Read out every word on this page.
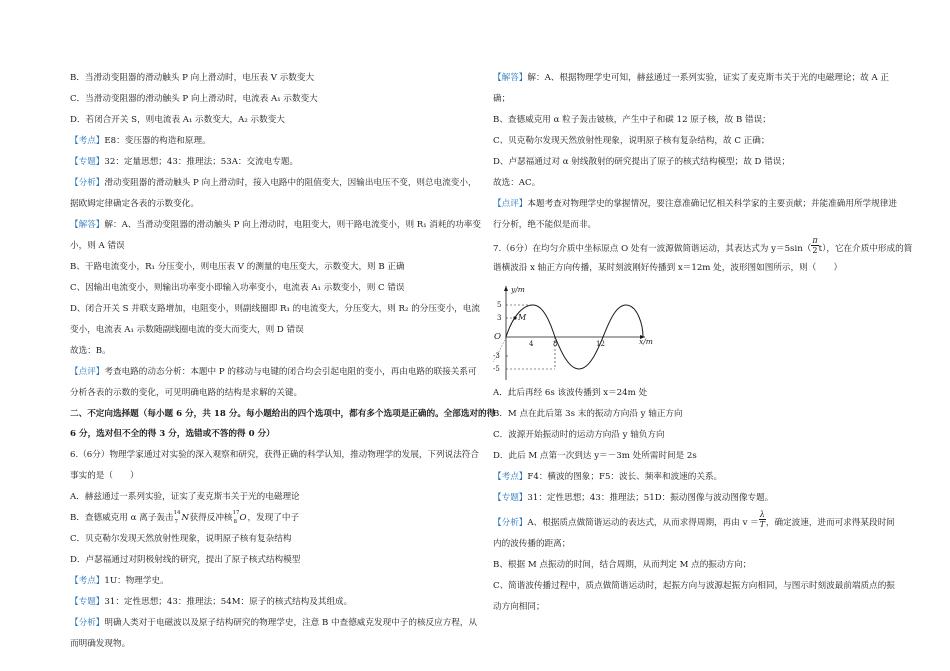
B．当滑动变阻器的滑动触头 P 向上滑动时，电压表 V 示数变大
C．当滑动变阻器的滑动触头 P 向上滑动时，电流表 A₁ 示数变大
D．若闭合开关 S，则电流表 A₁ 示数变大，A₂ 示数变大
【考点】E8：变压器的构造和原理。
【专题】32：定量思想；43：推理法；53A：交流电专题。
【分析】滑动变阻器的滑动触头 P 向上滑动时，接入电路中的阻值变大，因输出电压不变，则总电流变小，
据欧姆定律确定各表的示数变化。
【解答】解：A、当滑动变阻器的滑动触头 P 向上滑动时，电阻变大，则干路电流变小，则 R₁ 消耗的功率变
小，则 A 错误
B、干路电流变小，R₁ 分压变小，则电压表 V 的测量的电压变大，示数变大，则 B 正确
C、因输出电流变小，则输出功率变小即输入功率变小，电流表 A₁ 示数变小，则 C 错误
D、闭合开关 S 并联支路增加，电阻变小，则副线圈即 R₁ 的电流变大，分压变大，则 R₂ 的分压变小，电流
变小，电流表 A₁ 示数随副线圈电流的变大而变大，则 D 错误
故选：B。
【点评】考查电路的动态分析：本题中 P 的移动与电键的闭合均会引起电阻的变小，再由电路的联接关系可
分析各表的示数的变化，可见明确电路的结构是求解的关键。
二、不定向选择题（每小题 6 分，共 18 分。每小题给出的四个选项中，都有多个选项是正确的。全部选对的得
6 分，选对但不全的得 3 分，选错或不答的得 0 分）
6.（6分）物理学家通过对实验的深入观察和研究，获得正确的科学认知，推动物理学的发展，下列说法符合
事实的是（　　）
A．赫兹通过一系列实验，证实了麦克斯韦关于光的电磁理论
B．查德威克用 α 离子轰击 14
7 N 获得反冲核 17
8 O ，发现了中子
C．贝克勒尔发现天然放射性现象，说明原子核有复杂结构
D．卢瑟福通过对阴极射线的研究，提出了原子核式结构模型
【考点】1U：物理学史。
【专题】31：定性思想；43：推理法；54M：原子的核式结构及其组成。
【分析】明确人类对于电磁波以及原子结构研究的物理学史，注意 B 中查德威克发现中子的核反应方程，从
而明确发现物。
【解答】解：A、根据物理学史可知，赫兹通过一系列实验，证实了麦克斯韦关于光的电磁理论；故 A 正
确；
B、查德威克用 α 粒子轰击铍核，产生中子和碳 12 原子核，故 B 错误；
C、贝克勒尔发现天然放射性现象，说明原子核有复杂结构，故 C 正确；
D、卢瑟福通过对 α 射线散射的研究提出了原子的核式结构模型；故 D 错误；
故选：AC。
【点评】本题考查对物理学史的掌握情况，要注意准确记忆相关科学家的主要贡献；并能准确用所学规律进
行分析，绝不能似是而非。
7.（6分）在均匀介质中坐标原点 O 处有一波源做简谐运动，其表达式为 $y=5\sin( \frac{\pi}{2} t)$，它在介质中形成的简
谐横波沿 x 轴正方向传播，某时刻波刚好传播到 x＝12m 处，波形图如图所示，则（　　）
y/m
x/m
O
5
3
-3
-5
4	8	12
M
A．此后再经 6s 该波传播到 x＝24m 处
B．M 点在此后第 3s 末的振动方向沿 y 轴正方向
C．波源开始振动时的运动方向沿 y 轴负方向
D．此后 M 点第一次到达 y＝－3m 处所需时间是 2s
【考点】F4：横波的图象；F5：波长、频率和波速的关系。
【专题】31：定性思想；43：推理法；51D：振动图像与波动图像专题。
【分析】A、根据质点做简谐运动的表达式，从而求得周期，再由 $v = \frac{\lambda}{T}$ ，确定波速，进而可求得某段时间
内的波传播的距离；
B、根据 M 点振动的时间，结合周期，从而判定 M 点的振动方向；
C、简谐波传播过程中，质点做简谐运动时，起振方向与波源起振方向相同，与图示时刻波最前端质点的振
动方向相同；
